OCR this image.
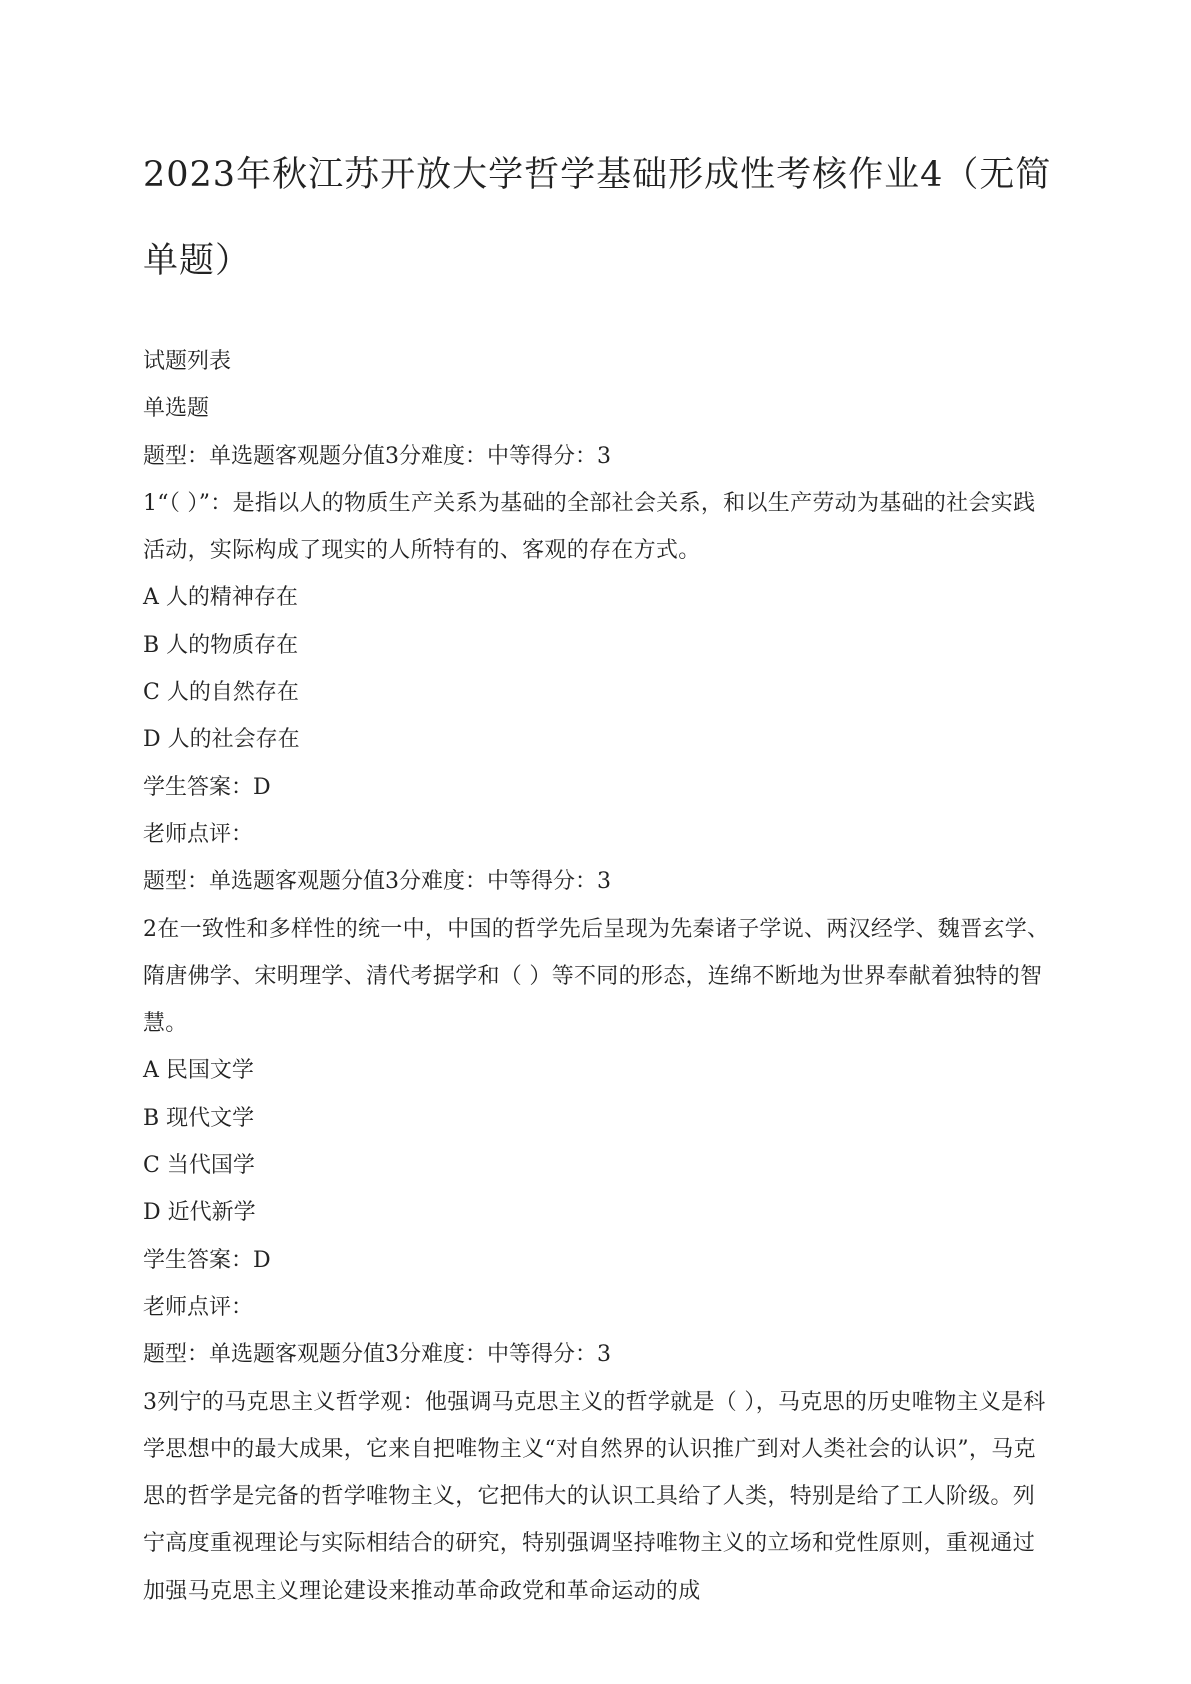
2023年秋江苏开放大学哲学基础形成性考核作业4（无简单题）
试题列表
单选题
题型：单选题客观题分值3分难度：中等得分：3
1“（ ）”：是指以人的物质生产关系为基础的全部社会关系，和以生产劳动为基础的社会实践活动，实际构成了现实的人所特有的、客观的存在方式。
A 人的精神存在
B 人的物质存在
C 人的自然存在
D 人的社会存在
学生答案：D
老师点评：
题型：单选题客观题分值3分难度：中等得分：3
2在一致性和多样性的统一中，中国的哲学先后呈现为先秦诸子学说、两汉经学、魏晋玄学、隋唐佛学、宋明理学、清代考据学和（ ）等不同的形态，连绵不断地为世界奉献着独特的智慧。
A 民国文学
B 现代文学
C 当代国学
D 近代新学
学生答案：D
老师点评：
题型：单选题客观题分值3分难度：中等得分：3
3列宁的马克思主义哲学观：他强调马克思主义的哲学就是（ ），马克思的历史唯物主义是科学思想中的最大成果，它来自把唯物主义“对自然界的认识推广到对人类社会的认识”，马克思的哲学是完备的哲学唯物主义，它把伟大的认识工具给了人类，特别是给了工人阶级。列宁高度重视理论与实际相结合的研究，特别强调坚持唯物主义的立场和党性原则，重视通过加强马克思主义理论建设来推动革命政党和革命运动的成
